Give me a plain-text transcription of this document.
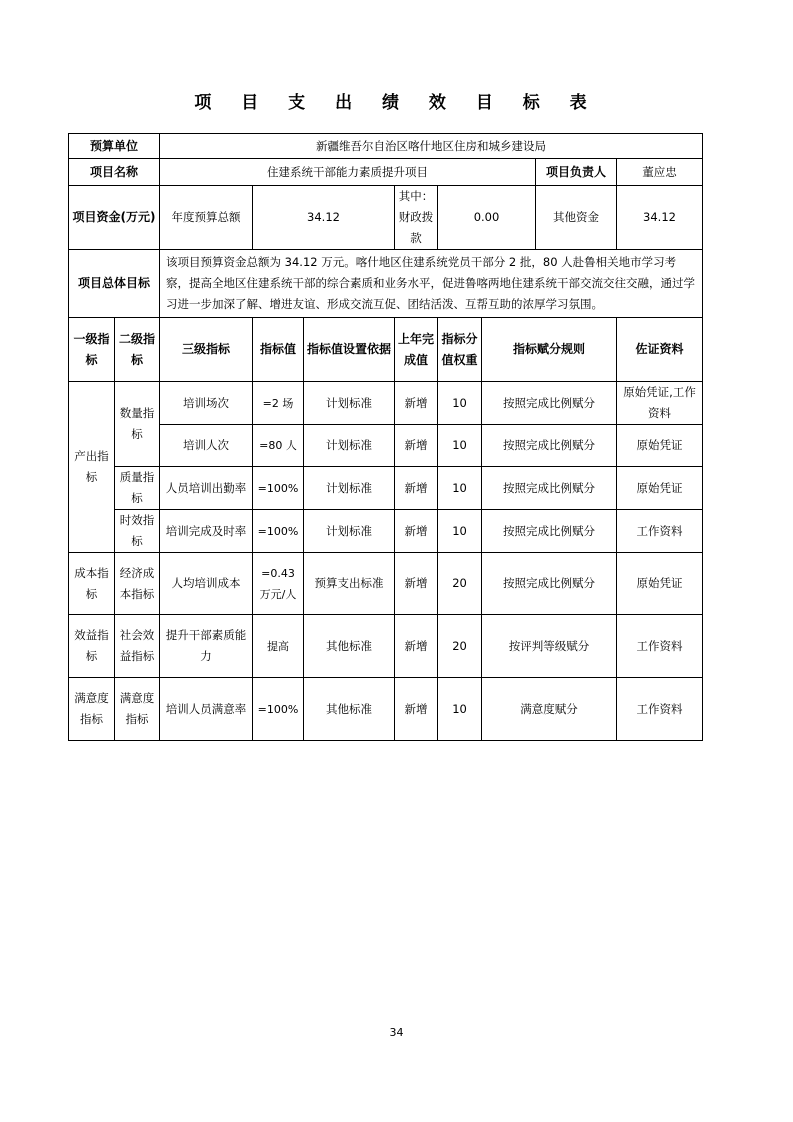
项 目 支 出 绩 效 目 标 表
预算单位		新疆维吾尔自治区喀什地区住房和城乡建设局							
项目名称		住建系统干部能力素质提升项目						项目负责人	董应忠
项目资金(万元)		年度预算总额	34.12		其中：财政拨款	0.00		其他资金	34.12
项目总体目标		该项目预算资金总额为 34.12 万元。喀什地区住建系统党员干部分 2 批，80 人赴鲁相关地市学习考察，提高全地区住建系统干部的综合素质和业务水平，促进鲁喀两地住建系统干部交流交往交融，通过学习进一步加深了解、增进友谊、形成交流互促、团结活泼、互帮互助的浓厚学习氛围。							
一级指标	二级指标	三级指标	指标值	指标值设置依据	上年完成值	指标分值权重	指标赋分规则		佐证资料
产出指标	数量指标	培训场次	=2 场	计划标准	新增	10	按照完成比例赋分		原始凭证,工作资料
		培训人次	=80 人	计划标准	新增	10	按照完成比例赋分		原始凭证
	质量指标	人员培训出勤率	=100%	计划标准	新增	10	按照完成比例赋分		原始凭证
	时效指标	培训完成及时率	=100%	计划标准	新增	10	按照完成比例赋分		工作资料
成本指标	经济成本指标	人均培训成本	=0.43 万元/人	预算支出标准	新增	20	按照完成比例赋分		原始凭证
效益指标	社会效益指标	提升干部素质能力	提高	其他标准	新增	20	按评判等级赋分		工作资料
满意度指标	满意度指标	培训人员满意率	=100%	其他标准	新增	10	满意度赋分		工作资料
34
